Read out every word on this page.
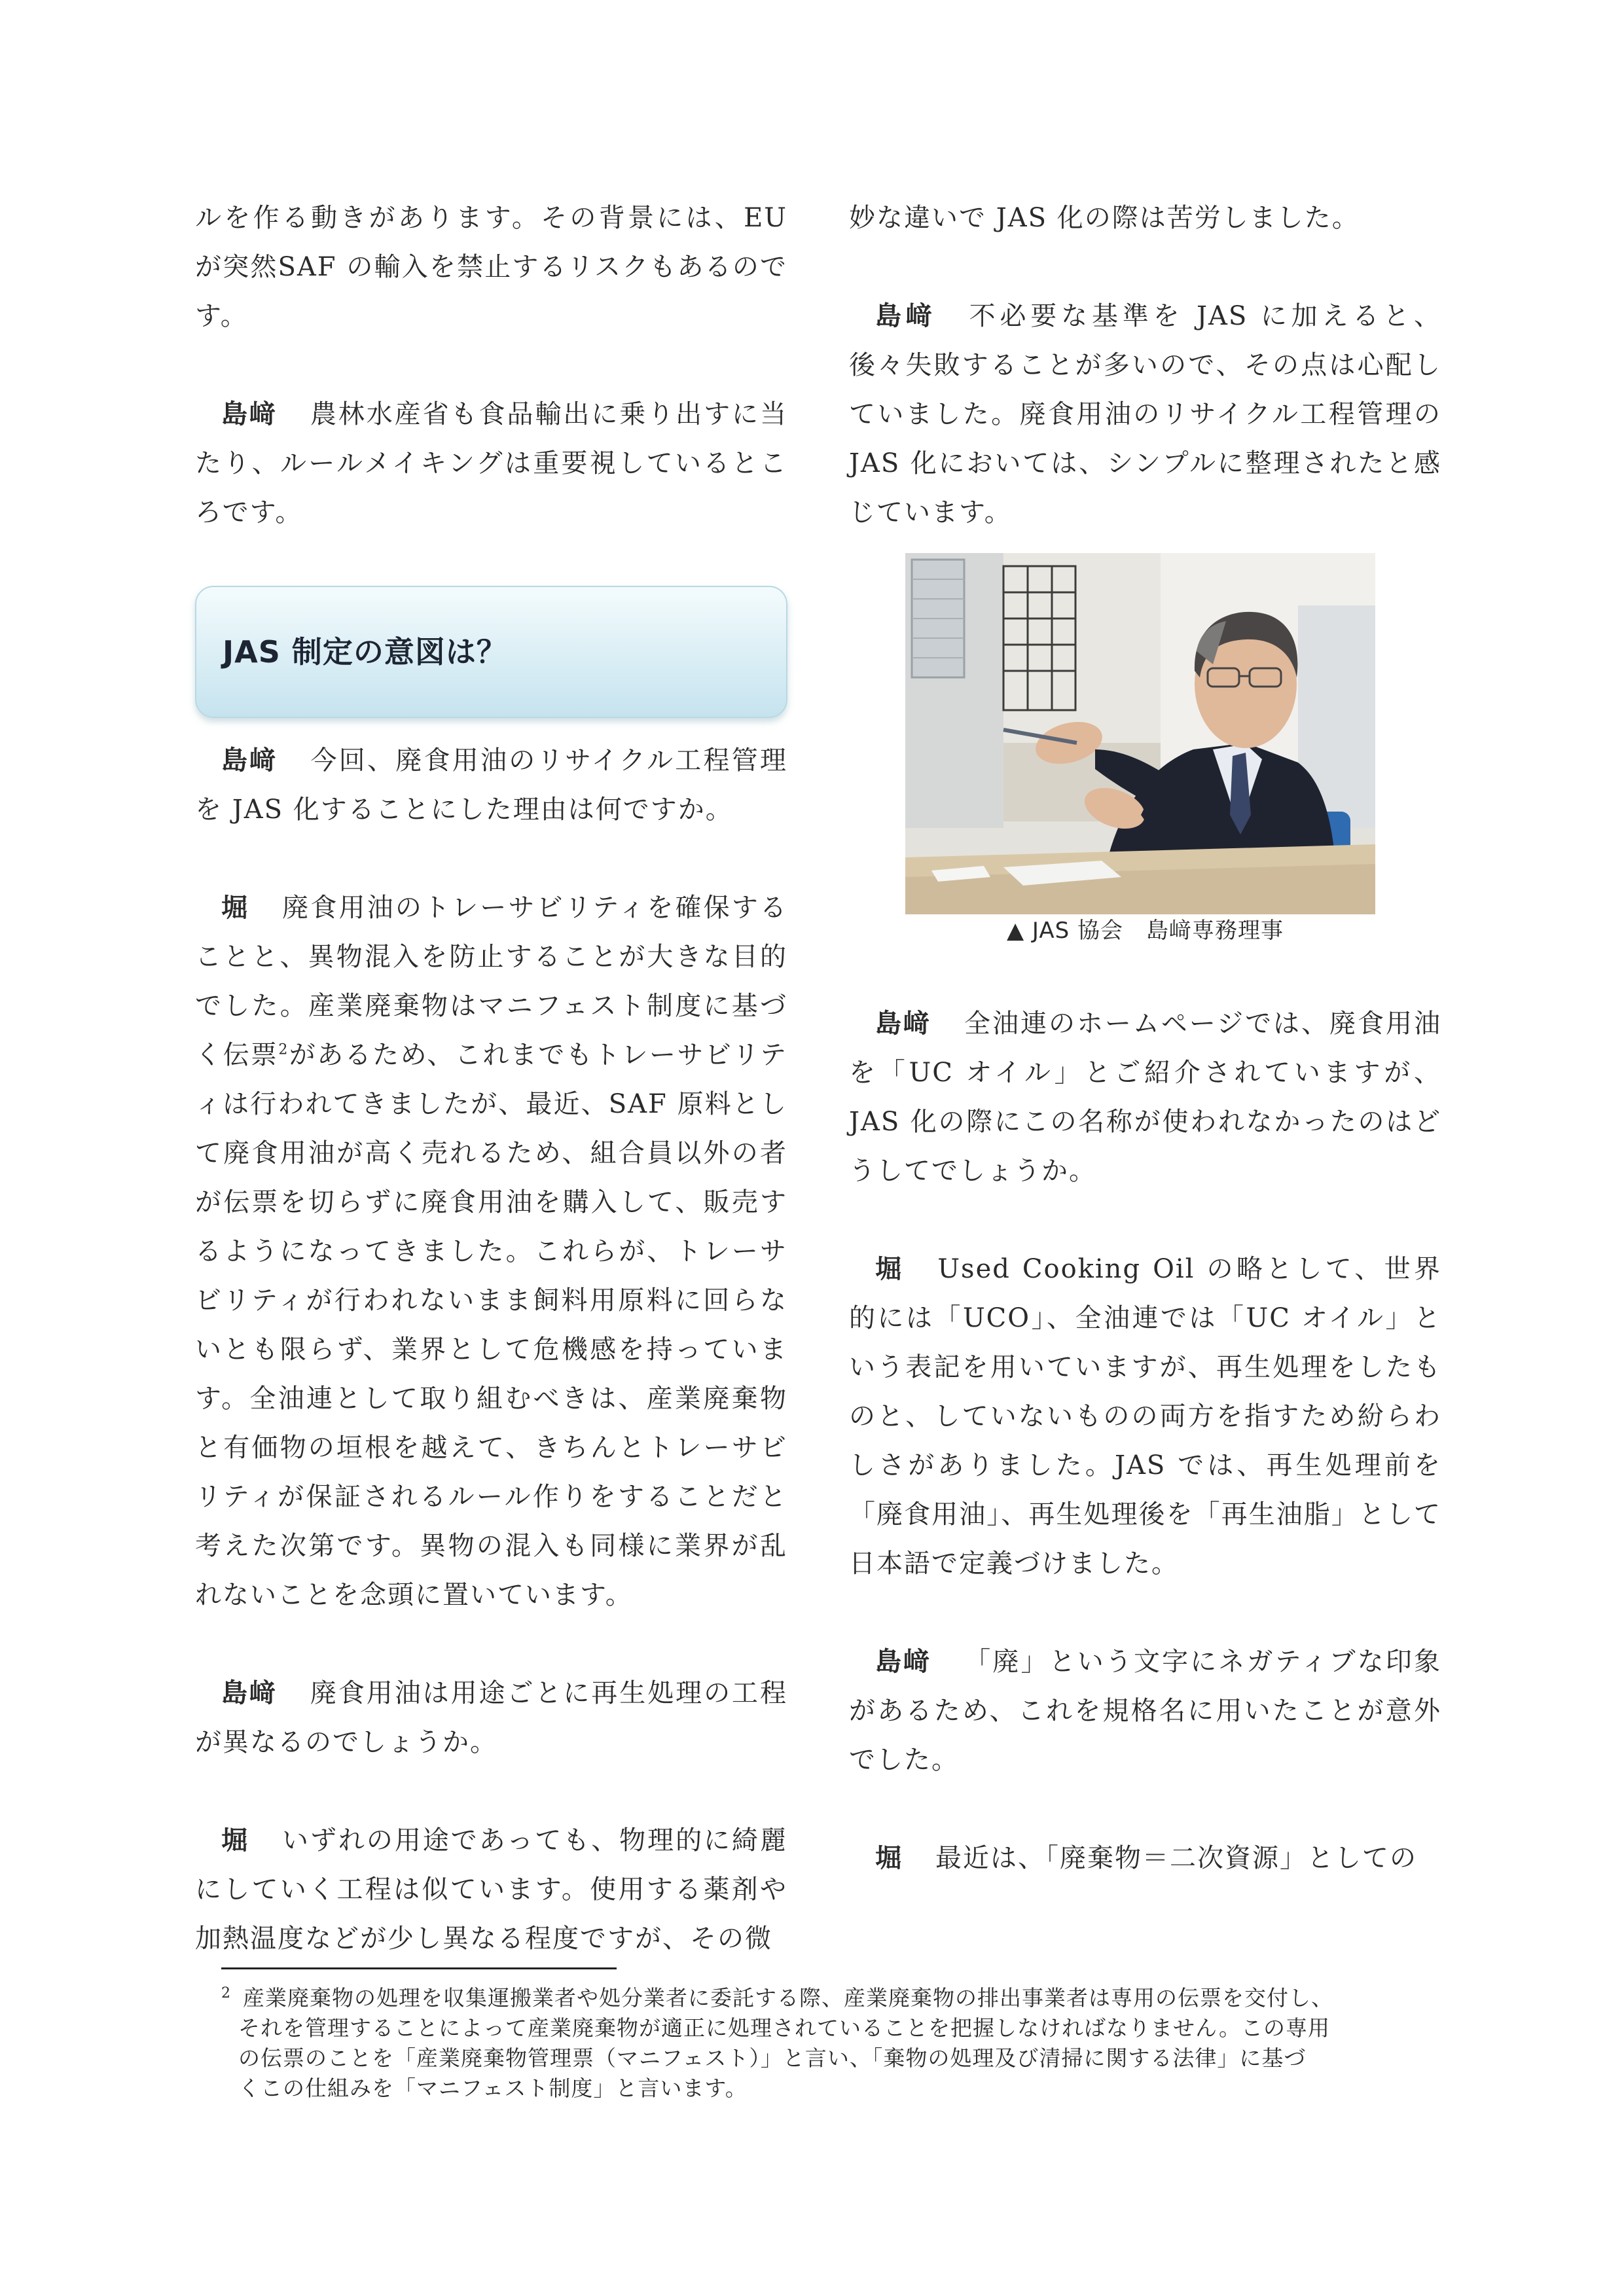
ルを作る動きがあります。その背景には、EU が突然SAF の輸入を禁止するリスクもあるのです。

島﨑 農林水産省も食品輸出に乗り出すに当たり、ルールメイキングは重要視しているところです。

JAS 制定の意図は？

島﨑 今回、廃食用油のリサイクル工程管理を JAS 化することにした理由は何ですか。

堀 廃食用油のトレーサビリティを確保することと、異物混入を防止することが大きな目的でした。産業廃棄物はマニフェスト制度に基づく伝票$^2$があるため、これまでもトレーサビリティは行われてきましたが、最近、SAF 原料として廃食用油が高く売れるため、組合員以外の者が伝票を切らずに廃食用油を購入して、販売するようになってきました。これらが、トレーサビリティが行われないまま飼料用原料に回らないとも限らず、業界として危機感を持っています。全油連として取り組むべきは、産業廃棄物と有価物の垣根を越えて、きちんとトレーサビリティが保証されるルール作りをすることだと考えた次第です。異物の混入も同様に業界が乱れないことを念頭に置いています。

島﨑 廃食用油は用途ごとに再生処理の工程が異なるのでしょうか。

堀 いずれの用途であっても、物理的に綺麗にしていく工程は似ています。使用する薬剤や加熱温度などが少し異なる程度ですが、その微

妙な違いで JAS 化の際は苦労しました。

島﨑 不必要な基準を JAS に加えると、後々失敗することが多いので、その点は心配していました。廃食用油のリサイクル工程管理の JAS 化においては、シンプルに整理されたと感じています。

▲ JAS 協会　島﨑専務理事

島﨑 全油連のホームページでは、廃食用油を「UC オイル」とご紹介されていますが、JAS 化の際にこの名称が使われなかったのはどうしてでしょうか。

堀 Used Cooking Oil の略として、世界的には「UCO」、全油連では「UC オイル」という表記を用いていますが、再生処理をしたものと、していないものの両方を指すため紛らわしさがありました。JAS では、再生処理前を「廃食用油」、再生処理後を「再生油脂」として日本語で定義づけました。

島﨑 「廃」という文字にネガティブな印象があるため、これを規格名に用いたことが意外でした。

堀 最近は、「廃棄物＝二次資源」としての

$^2$ 産業廃棄物の処理を収集運搬業者や処分業者に委託する際、産業廃棄物の排出事業者は専用の伝票を交付し、
それを管理することによって産業廃棄物が適正に処理されていることを把握しなければなりません。この専用
の伝票のことを「産業廃棄物管理票（マニフェスト）」と言い、「棄物の処理及び清掃に関する法律」に基づ
くこの仕組みを「マニフェスト制度」と言います。
